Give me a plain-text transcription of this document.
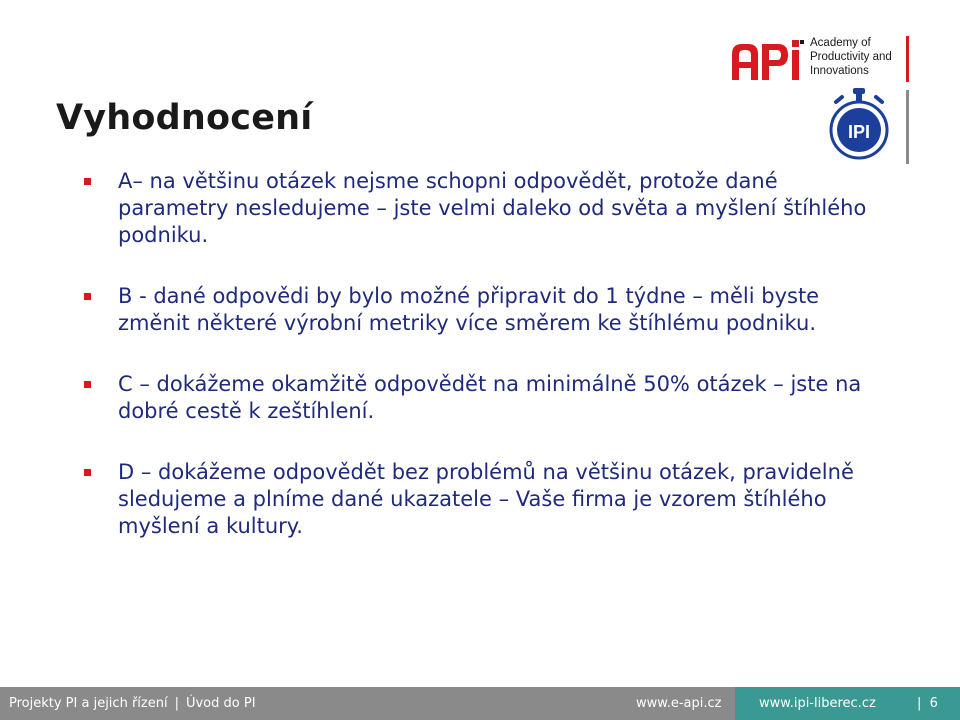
Academy of
Productivity and
Innovations
IPI
Vyhodnocení
A– na většinu otázek nejsme schopni odpovědět, protože dané parametry nesledujeme – jste velmi daleko od světa a myšlení štíhlého podniku.
B - dané odpovědi by bylo možné připravit do 1 týdne – měli byste změnit některé výrobní metriky více směrem ke štíhlému podniku.
C – dokážeme okamžitě odpovědět na minimálně 50% otázek – jste na dobré cestě k zeštíhlení.
D – dokážeme odpovědět bez problémů na většinu otázek, pravidelně sledujeme a plníme dané ukazatele – Vaše firma je vzorem štíhlého myšlení a kultury.
Projekty PI a jejich řízení | Úvod do PI	www.e-api.cz	www.ipi-liberec.cz	| 6
